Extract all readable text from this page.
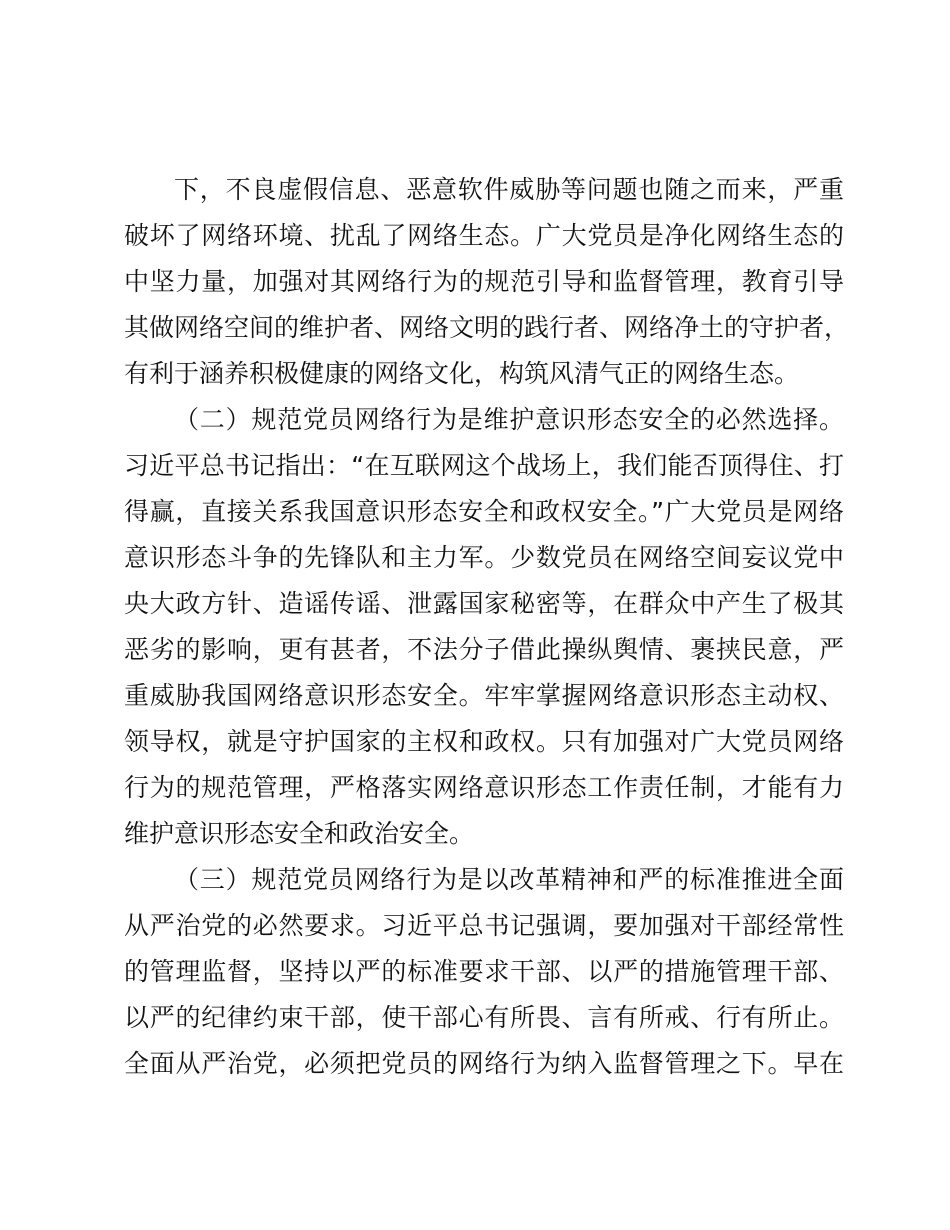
下，不良虚假信息、恶意软件威胁等问题也随之而来，严重
破坏了网络环境、扰乱了网络生态。广大党员是净化网络生态的
中坚力量，加强对其网络行为的规范引导和监督管理，教育引导
其做网络空间的维护者、网络文明的践行者、网络净土的守护者，
有利于涵养积极健康的网络文化，构筑风清气正的网络生态。
（二）规范党员网络行为是维护意识形态安全的必然选择。
习近平总书记指出：“在互联网这个战场上，我们能否顶得住、打
得赢，直接关系我国意识形态安全和政权安全。”广大党员是网络
意识形态斗争的先锋队和主力军。少数党员在网络空间妄议党中
央大政方针、造谣传谣、泄露国家秘密等，在群众中产生了极其
恶劣的影响，更有甚者，不法分子借此操纵舆情、裹挟民意，严
重威胁我国网络意识形态安全。牢牢掌握网络意识形态主动权、
领导权，就是守护国家的主权和政权。只有加强对广大党员网络
行为的规范管理，严格落实网络意识形态工作责任制，才能有力
维护意识形态安全和政治安全。
（三）规范党员网络行为是以改革精神和严的标准推进全面
从严治党的必然要求。习近平总书记强调，要加强对干部经常性
的管理监督，坚持以严的标准要求干部、以严的措施管理干部、
以严的纪律约束干部，使干部心有所畏、言有所戒、行有所止。
全面从严治党，必须把党员的网络行为纳入监督管理之下。早在
